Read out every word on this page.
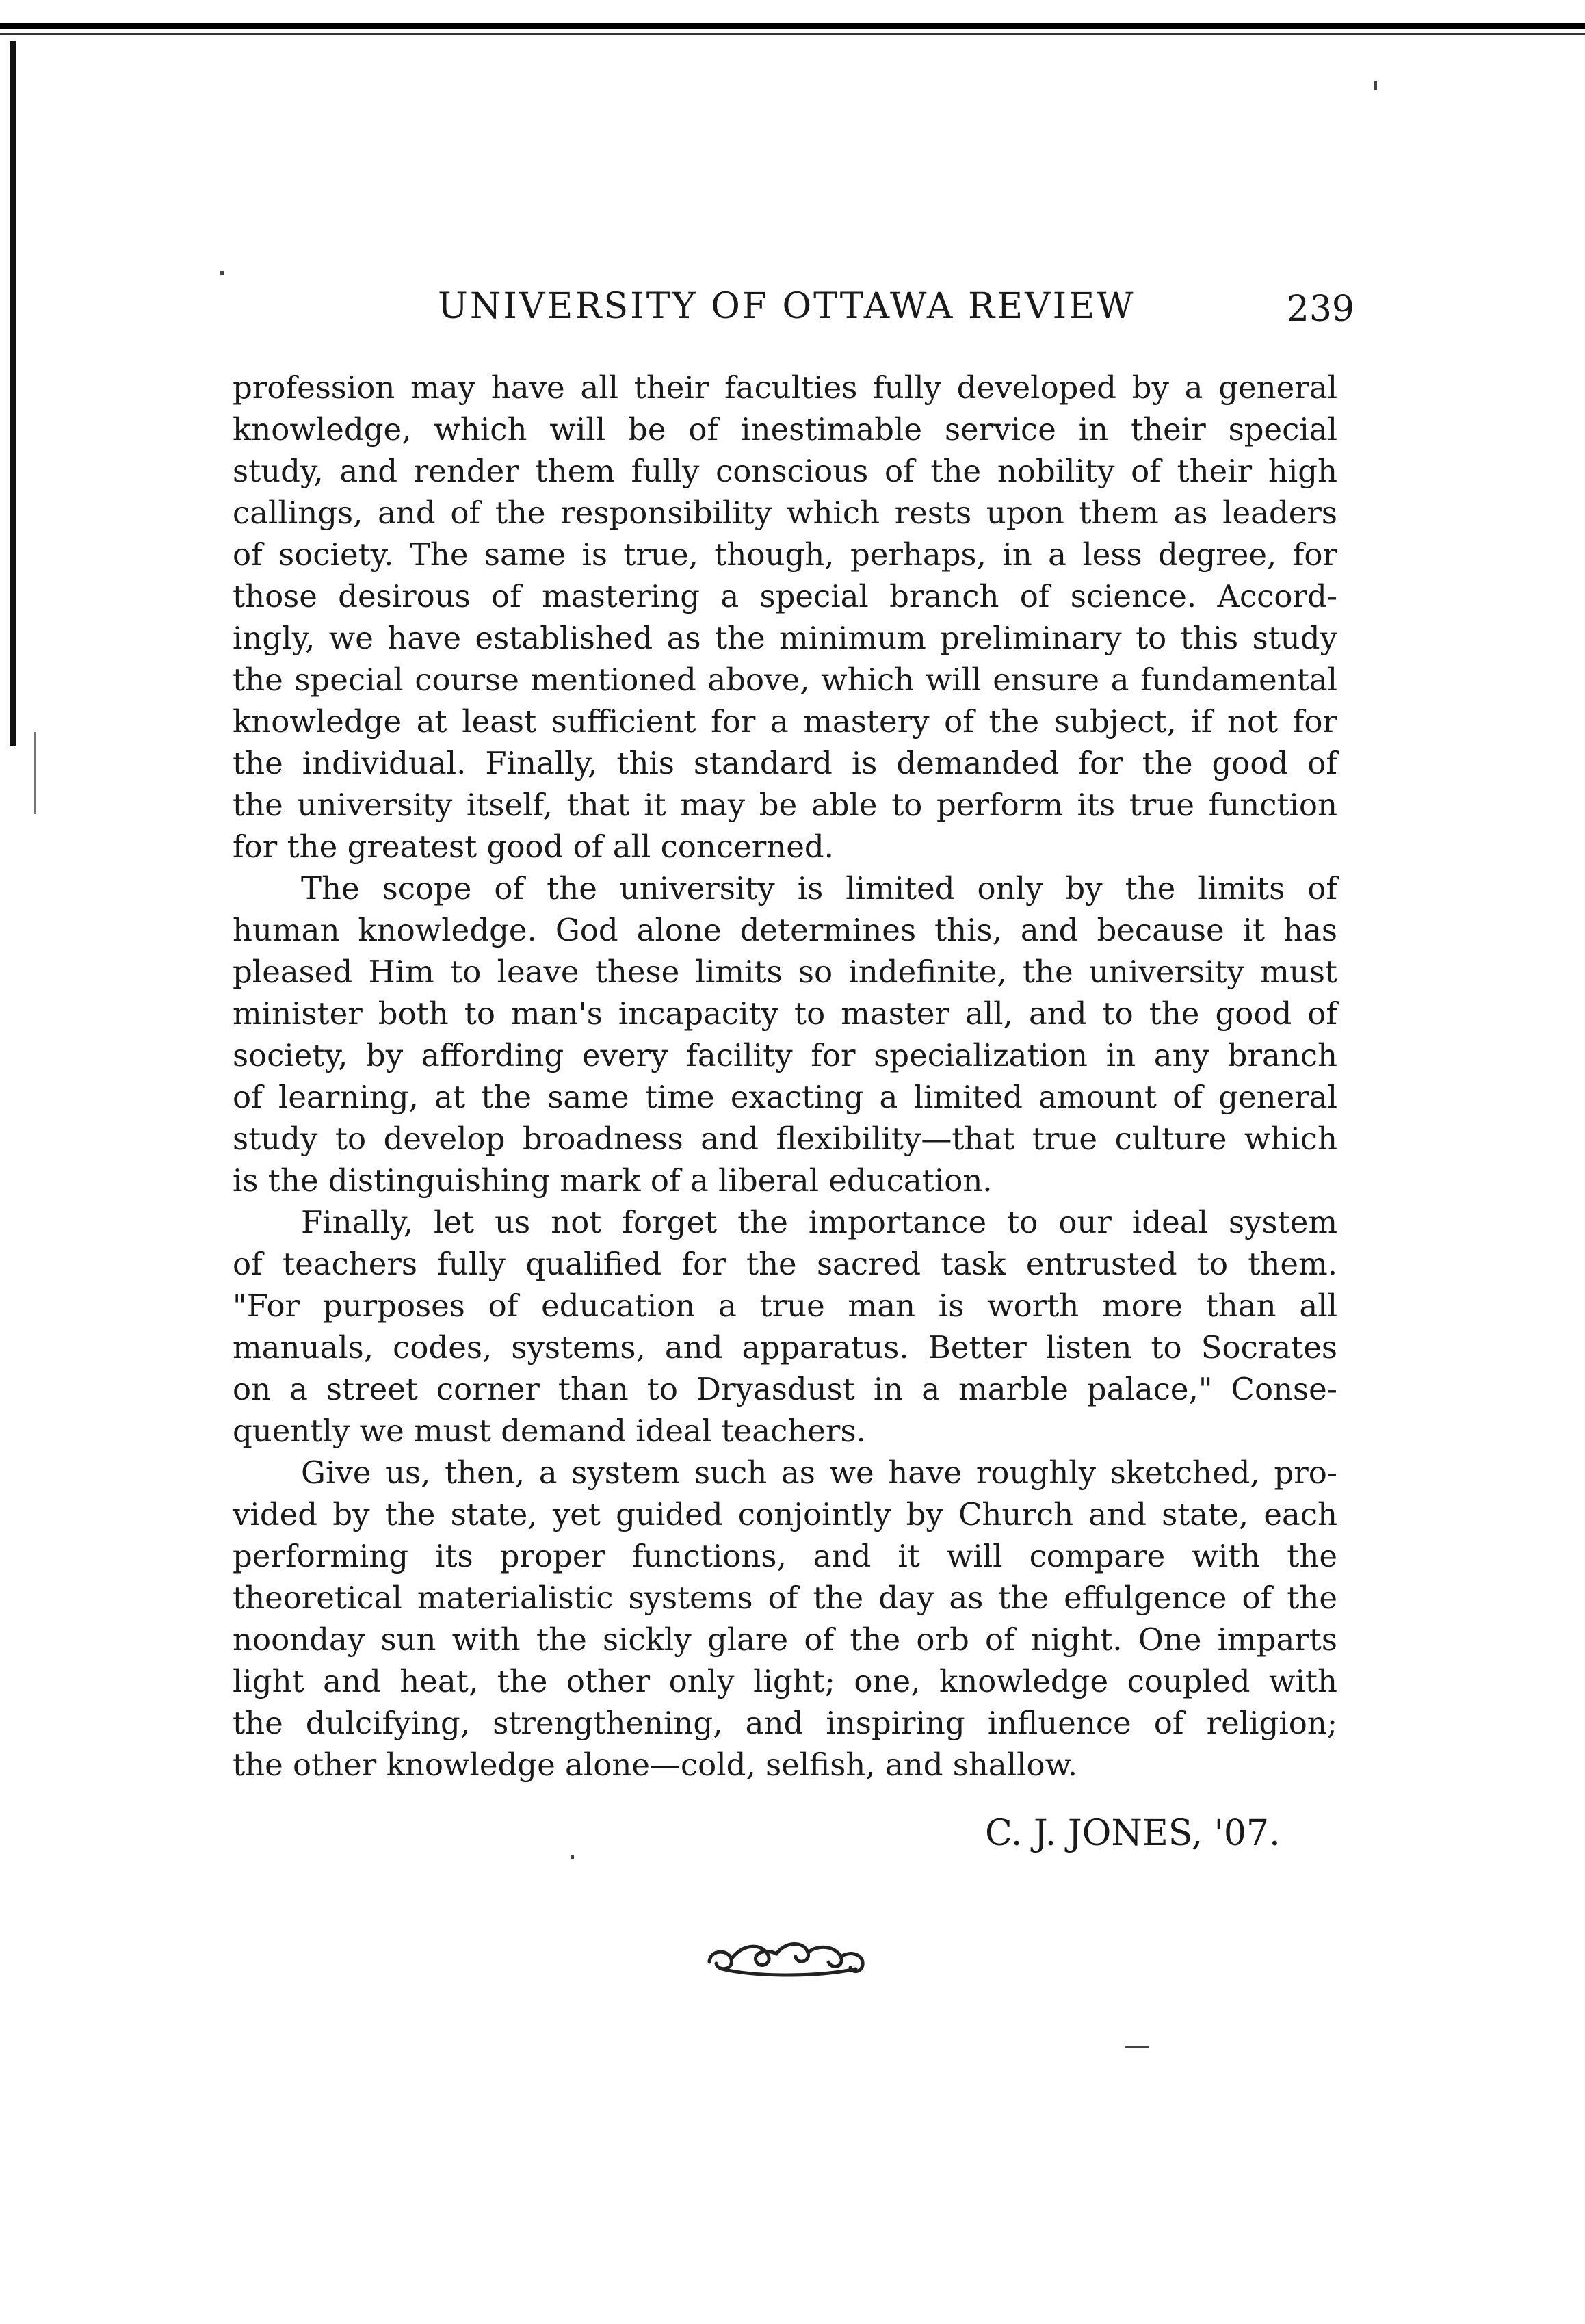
UNIVERSITY OF OTTAWA REVIEW	239
profession may have all their faculties fully developed by a general
knowledge, which will be of inestimable service in their special
study, and render them fully conscious of the nobility of their high
callings, and of the responsibility which rests upon them as leaders
of society. The same is true, though, perhaps, in a less degree, for
those desirous of mastering a special branch of science. Accord-
ingly, we have established as the minimum preliminary to this study
the special course mentioned above, which will ensure a fundamental
knowledge at least sufficient for a mastery of the subject, if not for
the individual. Finally, this standard is demanded for the good of
the university itself, that it may be able to perform its true function
for the greatest good of all concerned.
The scope of the university is limited only by the limits of
human knowledge. God alone determines this, and because it has
pleased Him to leave these limits so indefinite, the university must
minister both to man's incapacity to master all, and to the good of
society, by affording every facility for specialization in any branch
of learning, at the same time exacting a limited amount of general
study to develop broadness and flexibility—that true culture which
is the distinguishing mark of a liberal education.
Finally, let us not forget the importance to our ideal system
of teachers fully qualified for the sacred task entrusted to them.
"For purposes of education a true man is worth more than all
manuals, codes, systems, and apparatus. Better listen to Socrates
on a street corner than to Dryasdust in a marble palace," Conse-
quently we must demand ideal teachers.
Give us, then, a system such as we have roughly sketched, pro-
vided by the state, yet guided conjointly by Church and state, each
performing its proper functions, and it will compare with the
theoretical materialistic systems of the day as the effulgence of the
noonday sun with the sickly glare of the orb of night. One imparts
light and heat, the other only light; one, knowledge coupled with
the dulcifying, strengthening, and inspiring influence of religion;
the other knowledge alone—cold, selfish, and shallow.
C. J. JONES, '07.
